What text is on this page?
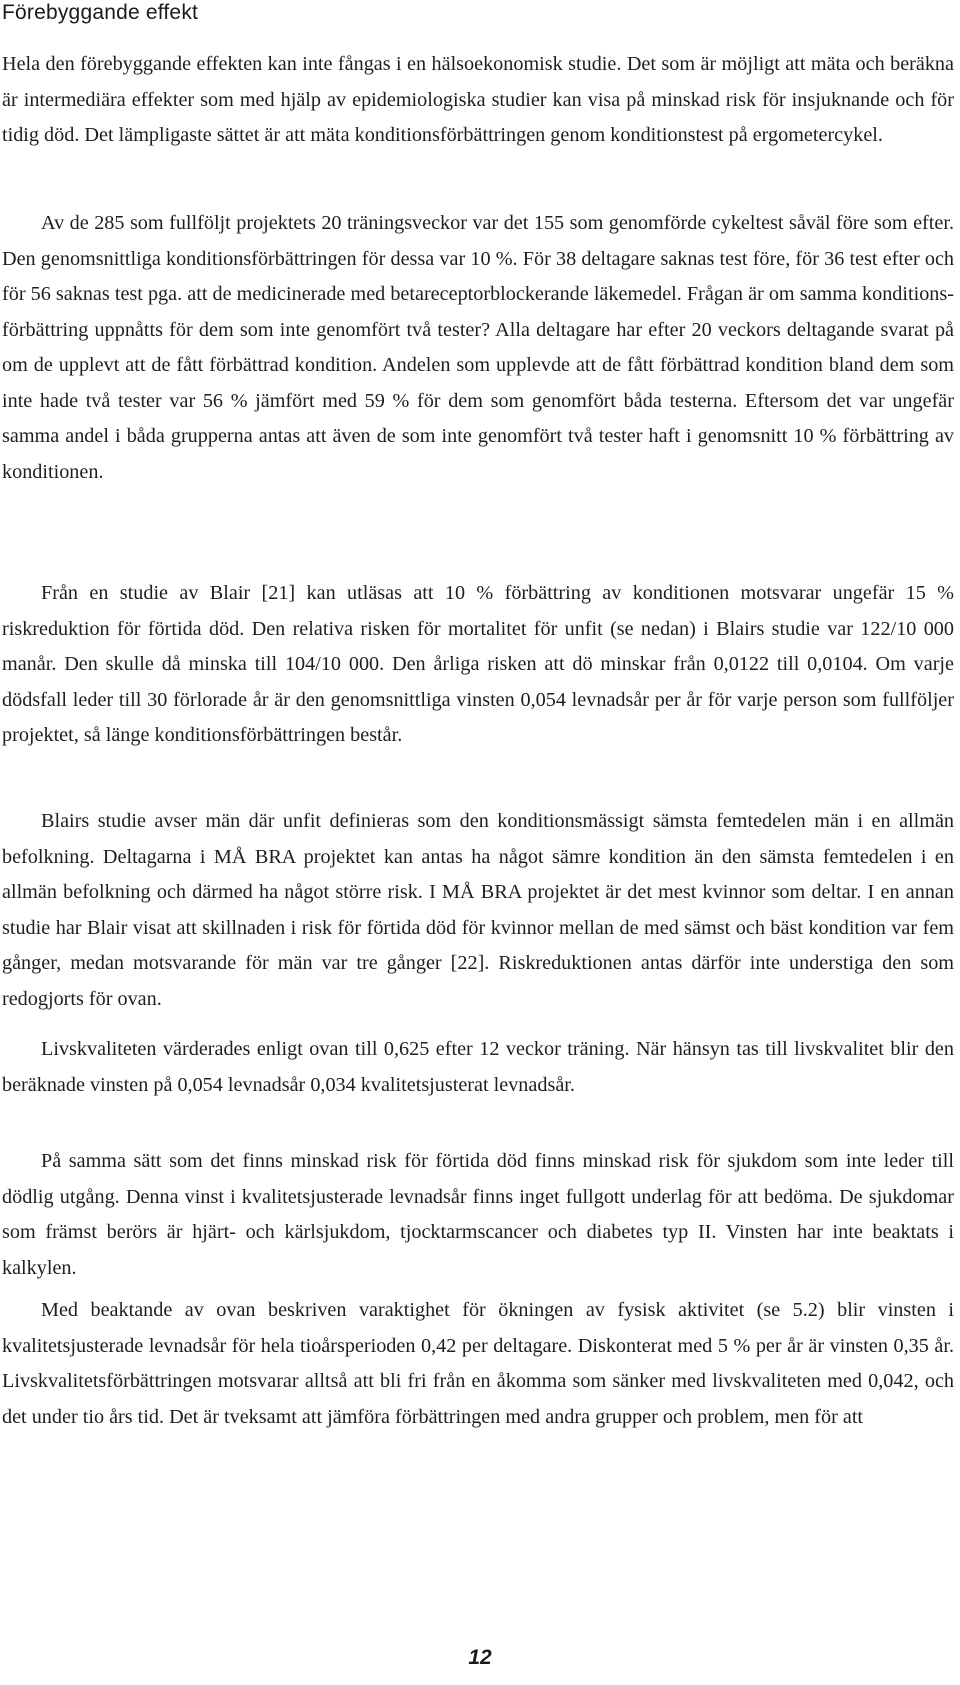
Förebyggande effekt

Hela den förebyggande effekten kan inte fångas i en hälsoekonomisk studie. Det som är möjligt att mäta och beräkna är intermediära effekter som med hjälp av epidemiologiska studier kan visa på minskad risk för insjuknande och för tidig död. Det lämpligaste sättet är att mäta konditionsförbättringen genom konditionstest på ergometercykel.

Av de 285 som fullföljt projektets 20 träningsveckor var det 155 som genomförde cykeltest såväl före som efter. Den genomsnittliga konditionsförbättringen för dessa var 10 %. För 38 deltagare saknas test före, för 36 test efter och för 56 saknas test pga. att de medicinerade med betareceptorblockerande läkemedel. Frågan är om samma konditionsförbättring uppnåtts för dem som inte genomfört två tester? Alla deltagare har efter 20 veckors deltagande svarat på om de upplevt att de fått förbättrad kondition. Andelen som upplevde att de fått förbättrad kondition bland dem som inte hade två tester var 56 % jämfört med 59 % för dem som genomfört båda testerna. Eftersom det var ungefär samma andel i båda grupperna antas att även de som inte genomfört två tester haft i genomsnitt 10 % förbättring av konditionen.

Från en studie av Blair [21] kan utläsas att 10 % förbättring av konditionen motsvarar ungefär 15 % riskreduktion för förtida död. Den relativa risken för mortalitet för unfit (se nedan) i Blairs studie var 122/10 000 manår. Den skulle då minska till 104/10 000. Den årliga risken att dö minskar från 0,0122 till 0,0104. Om varje dödsfall leder till 30 förlorade år är den genomsnittliga vinsten 0,054 levnadsår per år för varje person som fullföljer projektet, så länge konditionsförbättringen består.

Blairs studie avser män där unfit definieras som den konditionsmässigt sämsta femtedelen män i en allmän befolkning. Deltagarna i MÅ BRA projektet kan antas ha något sämre kondition än den sämsta femtedelen i en allmän befolkning och därmed ha något större risk. I MÅ BRA projektet är det mest kvinnor som deltar. I en annan studie har Blair visat att skillnaden i risk för förtida död för kvinnor mellan de med sämst och bäst kondition var fem gånger, medan motsvarande för män var tre gånger [22]. Riskreduktionen antas därför inte understiga den som redogjorts för ovan.

Livskvaliteten värderades enligt ovan till 0,625 efter 12 veckor träning. När hänsyn tas till livskvalitet blir den beräknade vinsten på 0,054 levnadsår 0,034 kvalitetsjusterat levnadsår.

På samma sätt som det finns minskad risk för förtida död finns minskad risk för sjukdom som inte leder till dödlig utgång. Denna vinst i kvalitetsjusterade levnadsår finns inget fullgott underlag för att bedöma. De sjukdomar som främst berörs är hjärt- och kärlsjukdom, tjocktarmscancer och diabetes typ II. Vinsten har inte beaktats i kalkylen.

Med beaktande av ovan beskriven varaktighet för ökningen av fysisk aktivitet (se 5.2) blir vinsten i kvalitetsjusterade levnadsår för hela tioårsperioden 0,42 per deltagare. Diskonterat med 5 % per år är vinsten 0,35 år. Livskvalitetsförbättringen motsvarar alltså att bli fri från en åkomma som sänker med livskvaliteten med 0,042, och det under tio års tid. Det är tveksamt att jämföra förbättringen med andra grupper och problem, men för att

12
